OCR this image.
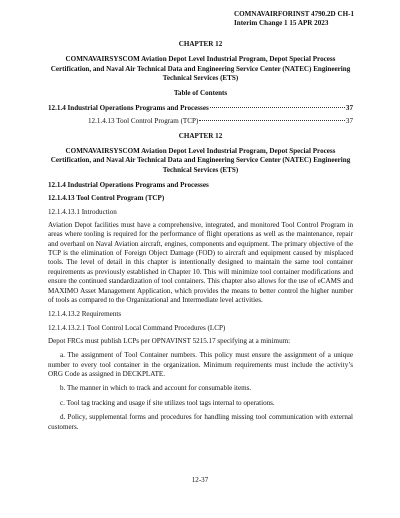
COMNAVAIRFORINST 4790.2D CH-1
Interim Change 1 15 APR 2023
CHAPTER 12
COMNAVAIRSYSCOM Aviation Depot Level Industrial Program, Depot Special Process Certification, and Naval Air Technical Data and Engineering Service Center (NATEC) Engineering Technical Services (ETS)
Table of Contents
12.1.4 Industrial Operations Programs and Processes	37
12.1.4.13 Tool Control Program (TCP)	37
CHAPTER 12
COMNAVAIRSYSCOM Aviation Depot Level Industrial Program, Depot Special Process Certification, and Naval Air Technical Data and Engineering Service Center (NATEC) Engineering Technical Services (ETS)
12.1.4 Industrial Operations Programs and Processes
12.1.4.13 Tool Control Program (TCP)
12.1.4.13.1 Introduction
Aviation Depot facilities must have a comprehensive, integrated, and monitored Tool Control Program in areas where tooling is required for the performance of flight operations as well as the maintenance, repair and overhaul on Naval Aviation aircraft, engines, components and equipment. The primary objective of the TCP is the elimination of Foreign Object Damage (FOD) to aircraft and equipment caused by misplaced tools. The level of detail in this chapter is intentionally designed to maintain the same tool container requirements as previously established in Chapter 10. This will minimize tool container modifications and ensure the continued standardization of tool containers. This chapter also allows for the use of eCAMS and MAXIMO Asset Management Application, which provides the means to better control the higher number of tools as compared to the Organizational and Intermediate level activities.
12.1.4.13.2 Requirements
12.1.4.13.2.1 Tool Control Local Command Procedures (LCP)
Depot FRCs must publish LCPs per OPNAVINST 5215.17 specifying at a minimum:
a. The assignment of Tool Container numbers. This policy must ensure the assignment of a unique number to every tool container in the organization. Minimum requirements must include the activity’s ORG Code as assigned in DECKPLATE.
b. The manner in which to track and account for consumable items.
c. Tool tag tracking and usage if site utilizes tool tags internal to operations.
d. Policy, supplemental forms and procedures for handling missing tool communication with external customers.
12-37
